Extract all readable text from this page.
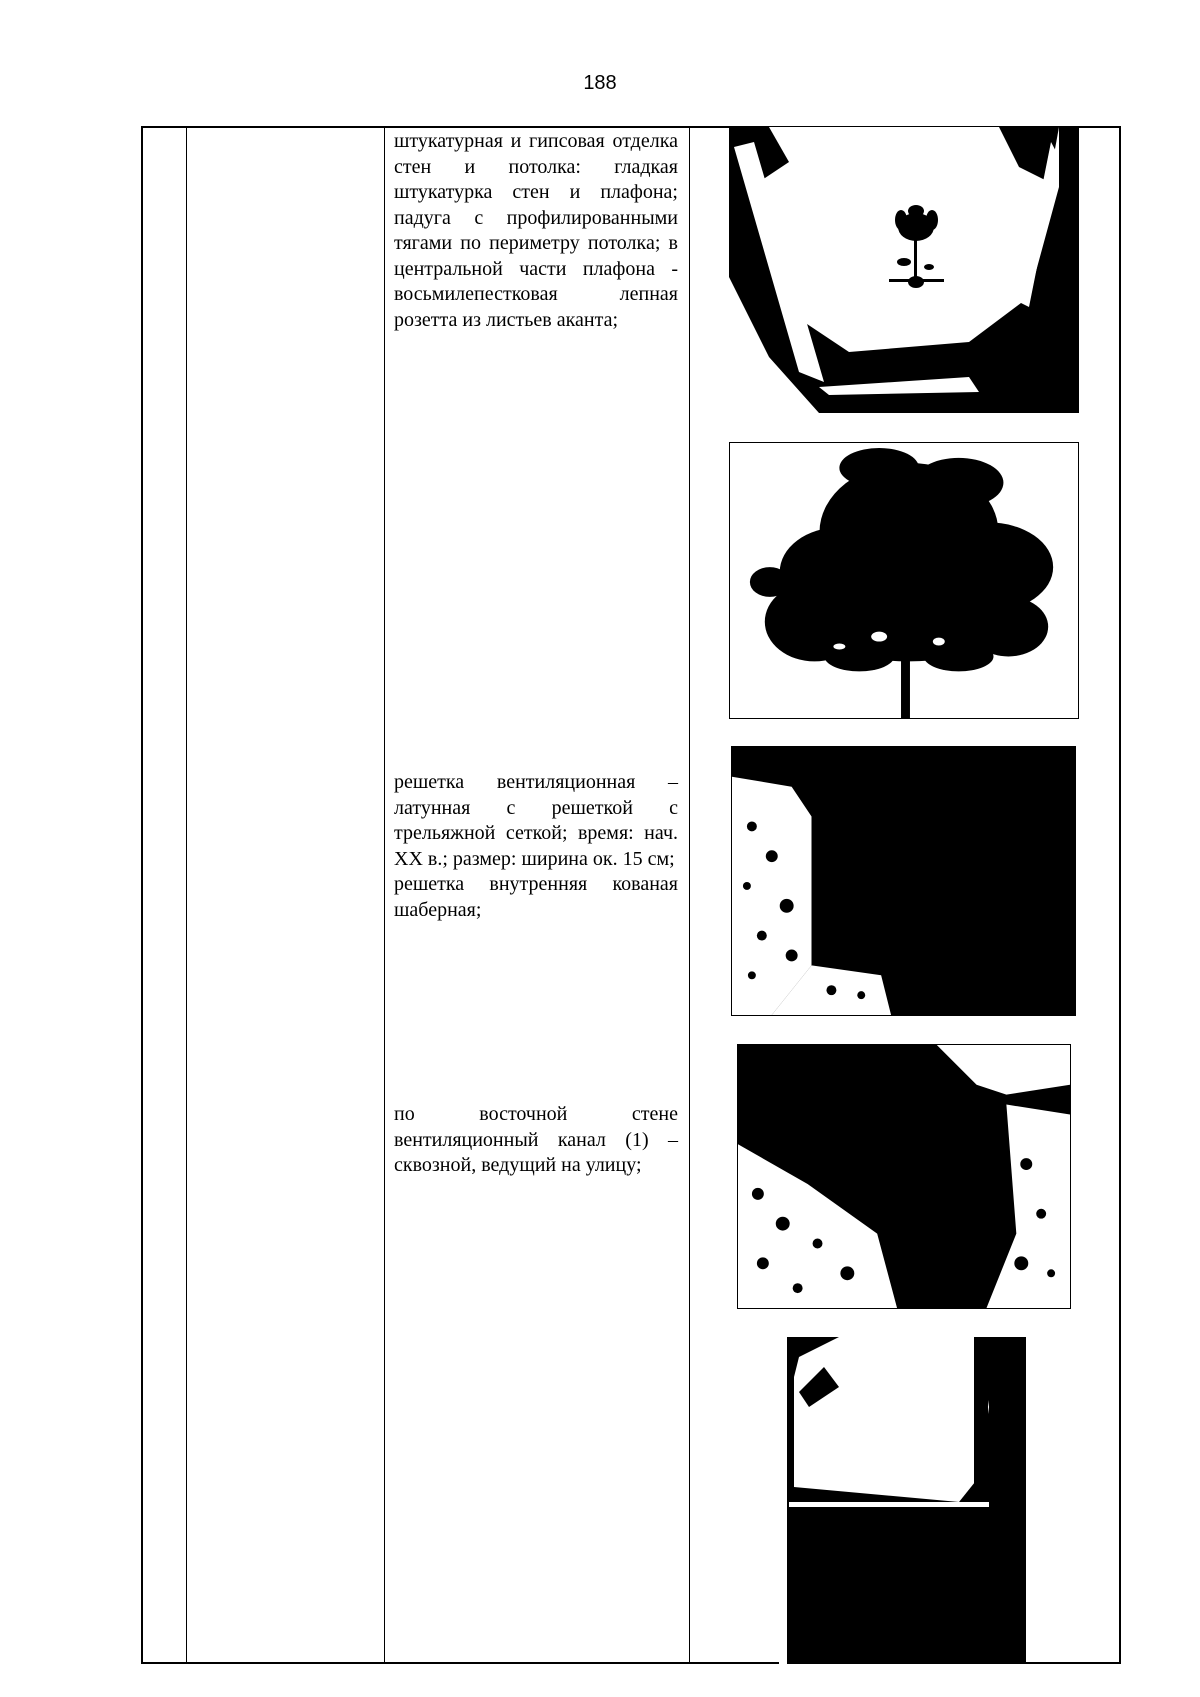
188

штукатурная и гипсовая отделка стен и потолка: гладкая штукатурка стен и плафона; падуга с профилированными тягами по периметру потолка; в центральной части плафона - восьмилепестковая лепная розетта из листьев аканта;

решетка вентиляционная – латунная с решеткой с трельяжной сеткой; время: нач. XX в.; размер: ширина ок. 15 см;

решетка внутренняя кованая шаберная;

по восточной стене вентиляционный канал (1) – сквозной, ведущий на улицу;
